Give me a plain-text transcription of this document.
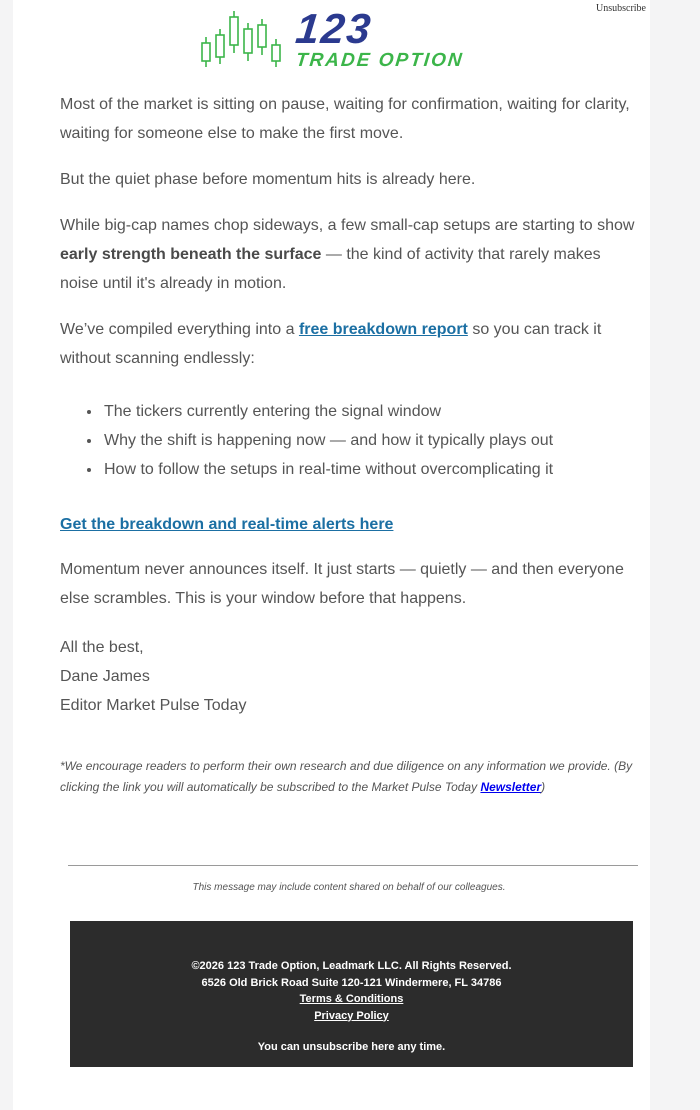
Unsubscribe
123
TRADE OPTION

Most of the market is sitting on pause, waiting for confirmation, waiting for clarity, waiting for someone else to make the first move.

But the quiet phase before momentum hits is already here.

While big-cap names chop sideways, a few small-cap setups are starting to show early strength beneath the surface — the kind of activity that rarely makes noise until it's already in motion.

We’ve compiled everything into a free breakdown report so you can track it without scanning endlessly:

• The tickers currently entering the signal window
• Why the shift is happening now — and how it typically plays out
• How to follow the setups in real-time without overcomplicating it

Get the breakdown and real-time alerts here

Momentum never announces itself. It just starts — quietly — and then everyone else scrambles. This is your window before that happens.

All the best,

Dane James

Editor Market Pulse Today

*We encourage readers to perform their own research and due diligence on any information we provide. (By clicking the link you will automatically be subscribed to the Market Pulse Today Newsletter)

This message may include content shared on behalf of our colleagues.
©2026 123 Trade Option, Leadmark LLC. All Rights Reserved.
6526 Old Brick Road Suite 120-121 Windermere, FL 34786
Terms & Conditions
Privacy Policy
You can unsubscribe here any time.
